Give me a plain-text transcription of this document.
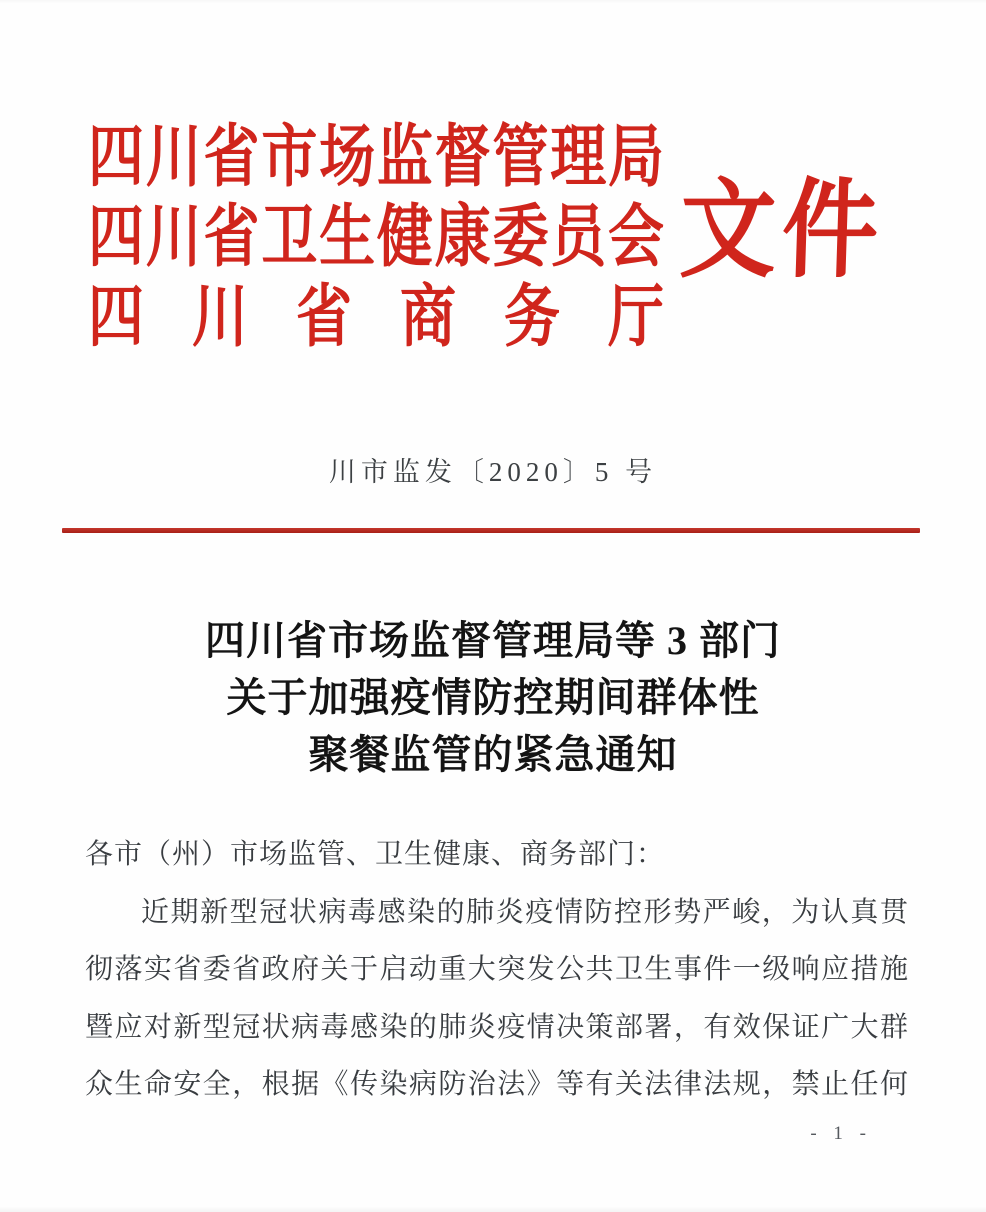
四川省市场监督管理局
四川省卫生健康委员会
四川省商务厅
文件
川市监发〔2020〕5 号
四川省市场监督管理局等 3 部门
关于加强疫情防控期间群体性
聚餐监管的紧急通知
各市（州）市场监管、卫生健康、商务部门：
近期新型冠状病毒感染的肺炎疫情防控形势严峻，为认真贯
彻落实省委省政府关于启动重大突发公共卫生事件一级响应措施
暨应对新型冠状病毒感染的肺炎疫情决策部署，有效保证广大群
众生命安全，根据《传染病防治法》等有关法律法规，禁止任何
- 1 -
